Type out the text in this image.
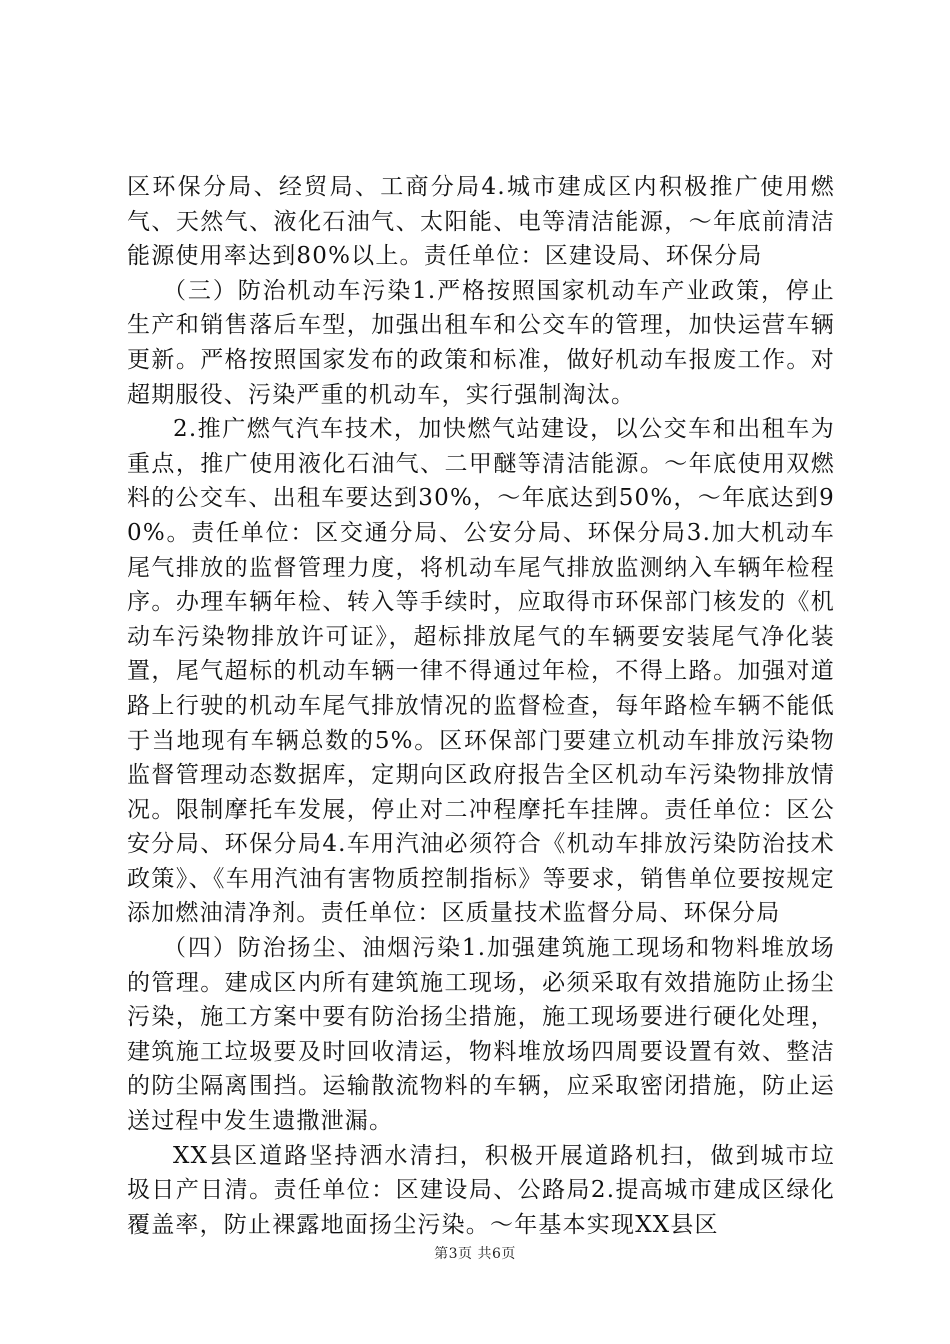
区环保分局、经贸局、工商分局4.城市建成区内积极推广使用燃气、天然气、液化石油气、太阳能、电等清洁能源，～年底前清洁能源使用率达到80%以上。责任单位：区建设局、环保分局

（三）防治机动车污染1.严格按照国家机动车产业政策，停止生产和销售落后车型，加强出租车和公交车的管理，加快运营车辆更新。严格按照国家发布的政策和标准，做好机动车报废工作。对超期服役、污染严重的机动车，实行强制淘汰。

2.推广燃气汽车技术，加快燃气站建设，以公交车和出租车为重点，推广使用液化石油气、二甲醚等清洁能源。～年底使用双燃料的公交车、出租车要达到30%，～年底达到50%，～年底达到90%。责任单位：区交通分局、公安分局、环保分局3.加大机动车尾气排放的监督管理力度，将机动车尾气排放监测纳入车辆年检程序。办理车辆年检、转入等手续时，应取得市环保部门核发的《机动车污染物排放许可证》，超标排放尾气的车辆要安装尾气净化装置，尾气超标的机动车辆一律不得通过年检，不得上路。加强对道路上行驶的机动车尾气排放情况的监督检查，每年路检车辆不能低于当地现有车辆总数的5%。区环保部门要建立机动车排放污染物监督管理动态数据库，定期向区政府报告全区机动车污染物排放情况。限制摩托车发展，停止对二冲程摩托车挂牌。责任单位：区公安分局、环保分局4.车用汽油必须符合《机动车排放污染防治技术政策》、《车用汽油有害物质控制指标》等要求，销售单位要按规定添加燃油清净剂。责任单位：区质量技术监督分局、环保分局

（四）防治扬尘、油烟污染1.加强建筑施工现场和物料堆放场的管理。建成区内所有建筑施工现场，必须采取有效措施防止扬尘污染，施工方案中要有防治扬尘措施，施工现场要进行硬化处理，建筑施工垃圾要及时回收清运，物料堆放场四周要设置有效、整洁的防尘隔离围挡。运输散流物料的车辆，应采取密闭措施，防止运送过程中发生遗撒泄漏。

XX县区道路坚持洒水清扫，积极开展道路机扫，做到城市垃圾日产日清。责任单位：区建设局、公路局2.提高城市建成区绿化覆盖率，防止裸露地面扬尘污染。～年基本实现XX县区

第3页 共6页
